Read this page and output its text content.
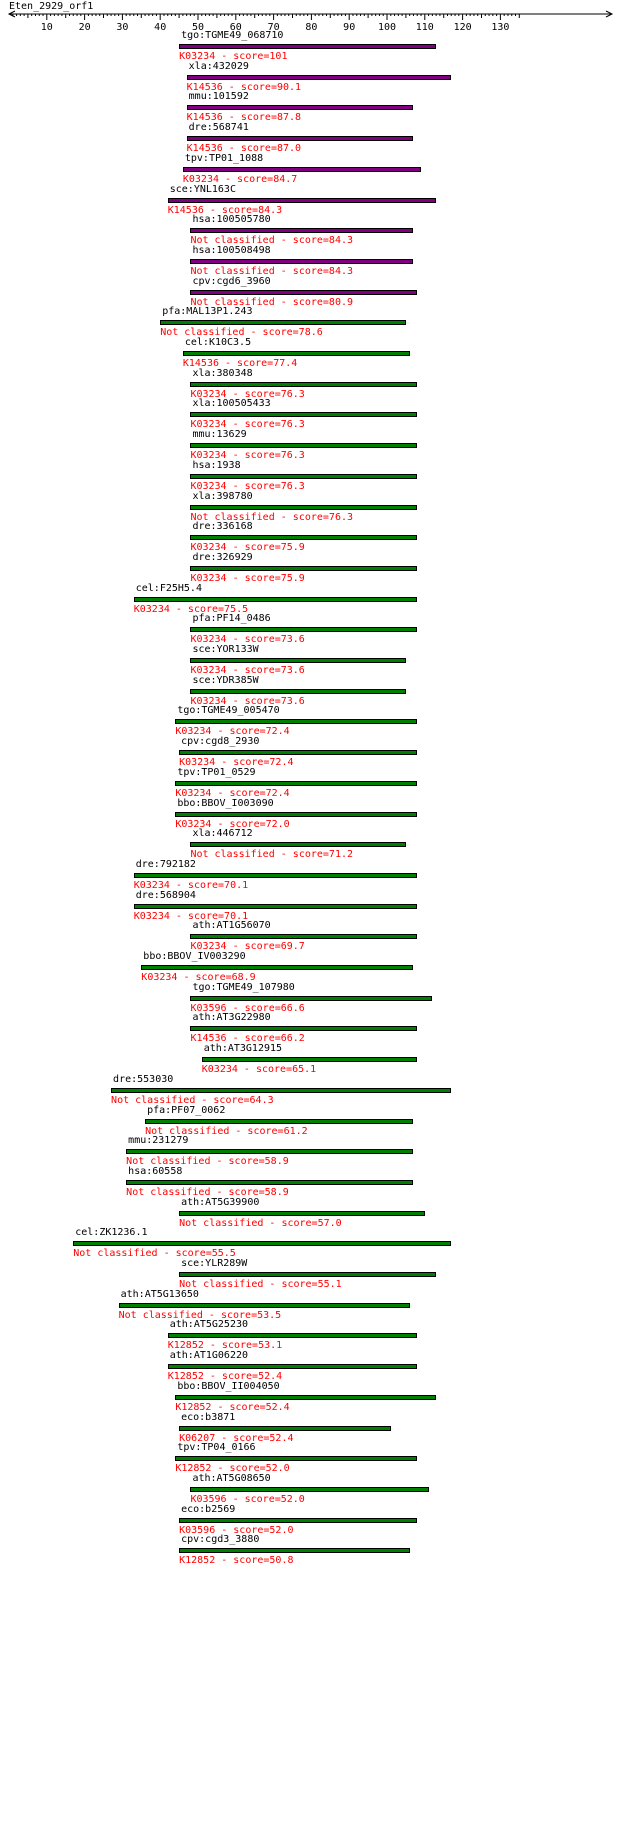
Eten_2929_orf1
10	20	30	40	50	60	70	80	90 100 110 120 130
tgo:TGME49_068710
K03234 - score=101
xla:432029
K14536 - score=90.1
mmu:101592
K14536 - score=87.8
dre:568741
K14536 - score=87.0
tpv:TP01_1088
K03234 - score=84.7
sce:YNL163C
K14536 - score=84.3
hsa:100505780
Not classified - score=84.3
hsa:100508498
Not classified - score=84.3
cpv:cgd6_3960
Not classified - score=80.9
pfa:MAL13P1.243
Not classified - score=78.6
cel:K10C3.5
K14536 - score=77.4
xla:380348
K03234 - score=76.3
xla:100505433
K03234 - score=76.3
mmu:13629
K03234 - score=76.3
hsa:1938
K03234 - score=76.3
xla:398780
Not classified - score=76.3
dre:336168
K03234 - score=75.9
dre:326929
K03234 - score=75.9
cel:F25H5.4
K03234 - score=75.5
pfa:PF14_0486
K03234 - score=73.6
sce:YOR133W
K03234 - score=73.6
sce:YDR385W
K03234 - score=73.6
tgo:TGME49_005470
K03234 - score=72.4
cpv:cgd8_2930
K03234 - score=72.4
tpv:TP01_0529
K03234 - score=72.4
bbo:BBOV_I003090
K03234 - score=72.0
xla:446712
Not classified - score=71.2
dre:792182
K03234 - score=70.1
dre:568904
K03234 - score=70.1
ath:AT1G56070
K03234 - score=69.7
bbo:BBOV_IV003290
K03234 - score=68.9
tgo:TGME49_107980
K03596 - score=66.6
ath:AT3G22980
K14536 - score=66.2
ath:AT3G12915
K03234 - score=65.1
dre:553030
Not classified - score=64.3
pfa:PF07_0062
Not classified - score=61.2
mmu:231279
Not classified - score=58.9
hsa:60558
Not classified - score=58.9
ath:AT5G39900
Not classified - score=57.0
cel:ZK1236.1
Not classified - score=55.5
sce:YLR289W
Not classified - score=55.1
ath:AT5G13650
Not classified - score=53.5
ath:AT5G25230
K12852 - score=53.1
ath:AT1G06220
K12852 - score=52.4
bbo:BBOV_II004050
K12852 - score=52.4
eco:b3871
K06207 - score=52.4
tpv:TP04_0166
K12852 - score=52.0
ath:AT5G08650
K03596 - score=52.0
eco:b2569
K03596 - score=52.0
cpv:cgd3_3880
K12852 - score=50.8
